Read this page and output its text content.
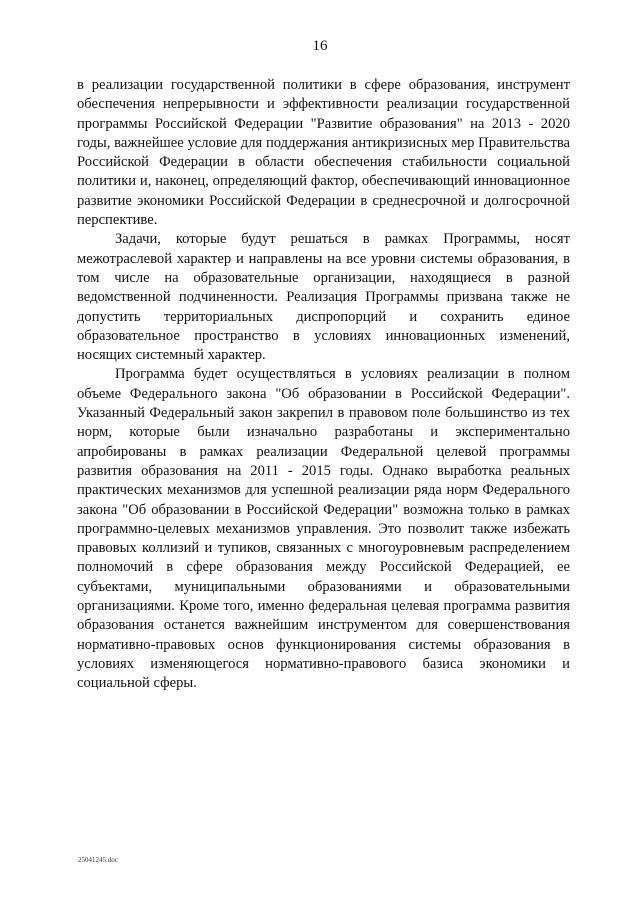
16

в реализации государственной политики в сфере образования, инструмент обеспечения непрерывности и эффективности реализации государственной программы Российской Федерации "Развитие образования" на 2013 - 2020 годы, важнейшее условие для поддержания антикризисных мер Правительства Российской Федерации в области обеспечения стабильности социальной политики и, наконец, определяющий фактор, обеспечивающий инновационное развитие экономики Российской Федерации в среднесрочной и долгосрочной перспективе.

Задачи, которые будут решаться в рамках Программы, носят межотраслевой характер и направлены на все уровни системы образования, в том числе на образовательные организации, находящиеся в разной ведомственной подчиненности. Реализация Программы призвана также не допустить территориальных диспропорций и сохранить единое образовательное пространство в условиях инновационных изменений, носящих системный характер.

Программа будет осуществляться в условиях реализации в полном объеме Федерального закона "Об образовании в Российской Федерации". Указанный Федеральный закон закрепил в правовом поле большинство из тех норм, которые были изначально разработаны и экспериментально апробированы в рамках реализации Федеральной целевой программы развития образования на 2011 - 2015 годы. Однако выработка реальных практических механизмов для успешной реализации ряда норм Федерального закона "Об образовании в Российской Федерации" возможна только в рамках программно-целевых механизмов управления. Это позволит также избежать правовых коллизий и тупиков, связанных с многоуровневым распределением полномочий в сфере образования между Российской Федерацией, ее субъектами, муниципальными образованиями и образовательными организациями. Кроме того, именно федеральная целевая программа развития образования останется важнейшим инструментом для совершенствования нормативно-правовых основ функционирования системы образования в условиях изменяющегося нормативно-правового базиса экономики и социальной сферы.

25041245.doc
